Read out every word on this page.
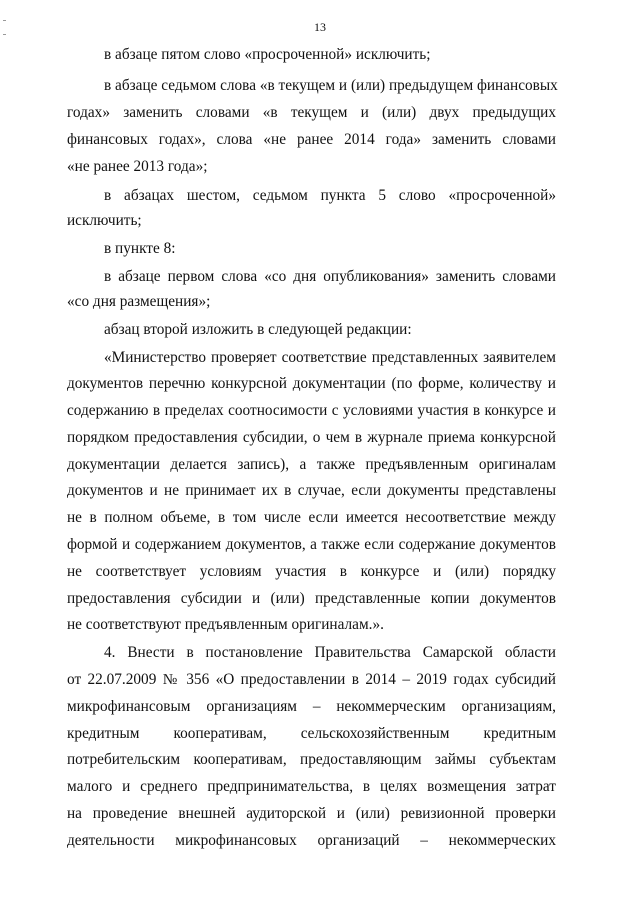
13
в абзаце пятом слово «просроченной» исключить;
в абзаце седьмом слова «в текущем и (или) предыдущем финансовых
годах» заменить словами «в текущем и (или) двух предыдущих
финансовых годах», слова «не ранее 2014 года» заменить словами
«не ранее 2013 года»;
в абзацах шестом, седьмом пункта 5 слово «просроченной»
исключить;
в пункте 8:
в абзаце первом слова «со дня опубликования» заменить словами
«со дня размещения»;
абзац второй изложить в следующей редакции:
«Министерство проверяет соответствие представленных заявителем
документов перечню конкурсной документации (по форме, количеству и
содержанию в пределах соотносимости с условиями участия в конкурсе и
порядком предоставления субсидии, о чем в журнале приема конкурсной
документации делается запись), а также предъявленным оригиналам
документов и не принимает их в случае, если документы представлены
не в полном объеме, в том числе если имеется несоответствие между
формой и содержанием документов, а также если содержание документов
не соответствует условиям участия в конкурсе и (или) порядку
предоставления субсидии и (или) представленные копии документов
не соответствуют предъявленным оригиналам.».
4. Внести в постановление Правительства Самарской области
от 22.07.2009 № 356 «О предоставлении в 2014 – 2019 годах субсидий
микрофинансовым организациям – некоммерческим организациям,
кредитным кооперативам, сельскохозяйственным кредитным
потребительским кооперативам, предоставляющим займы субъектам
малого и среднего предпринимательства, в целях возмещения затрат
на проведение внешней аудиторской и (или) ревизионной проверки
деятельности микрофинансовых организаций – некоммерческих
